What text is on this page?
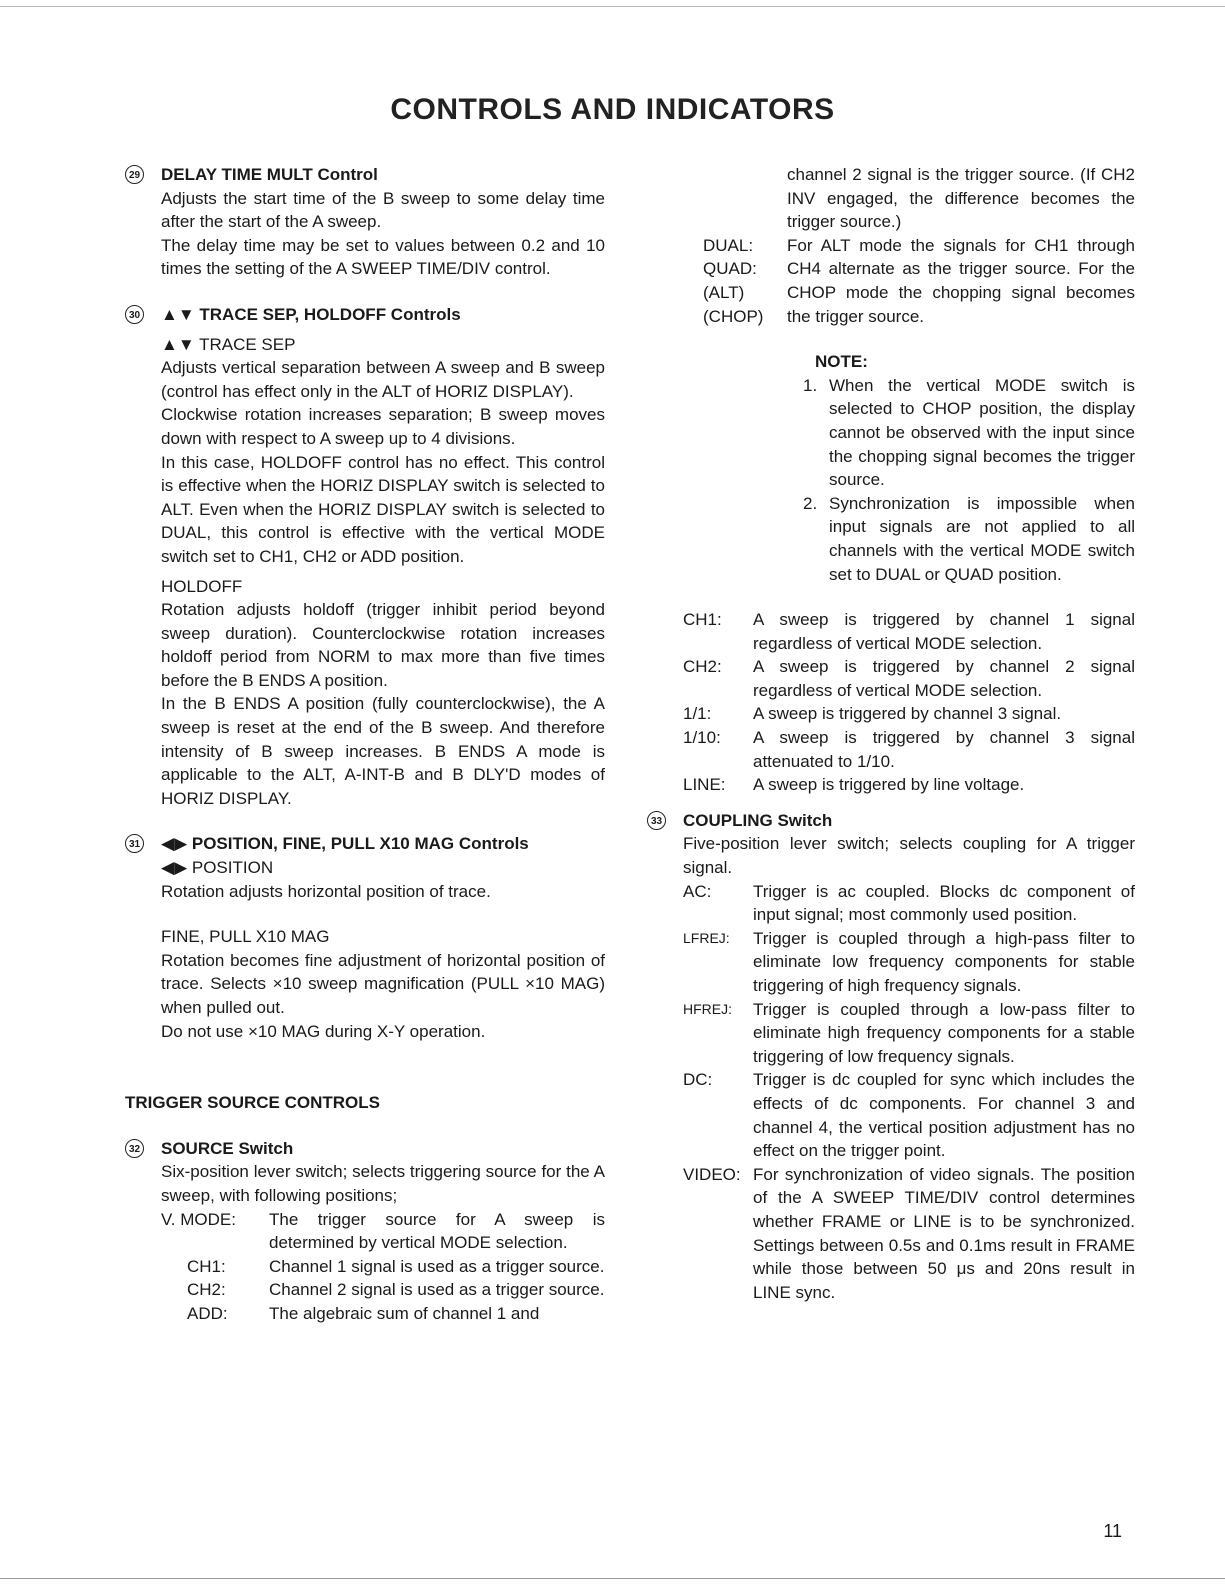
CONTROLS AND INDICATORS
29 DELAY TIME MULT Control

Adjusts the start time of the B sweep to some delay time after the start of the A sweep.

The delay time may be set to values between 0.2 and 10 times the setting of the A SWEEP TIME/DIV control.

30 ▲▼ TRACE SEP, HOLDOFF Controls
▲▼ TRACE SEP

Adjusts vertical separation between A sweep and B sweep (control has effect only in the ALT of HORIZ DISPLAY).

Clockwise rotation increases separation; B sweep moves down with respect to A sweep up to 4 divisions.

In this case, HOLDOFF control has no effect. This control is effective when the HORIZ DISPLAY switch is selected to ALT. Even when the HORIZ DISPLAY switch is selected to DUAL, this control is effective with the vertical MODE switch set to CH1, CH2 or ADD position.

HOLDOFF

Rotation adjusts holdoff (trigger inhibit period beyond sweep duration). Counterclockwise rotation increases holdoff period from NORM to max more than five times before the B ENDS A position.

In the B ENDS A position (fully counterclockwise), the A sweep is reset at the end of the B sweep. And therefore intensity of B sweep increases. B ENDS A mode is applicable to the ALT, A-INT-B and B DLY'D modes of HORIZ DISPLAY.

31 ◀▶ POSITION, FINE, PULL X10 MAG Controls
◀▶ POSITION

Rotation adjusts horizontal position of trace.

FINE, PULL X10 MAG

Rotation becomes fine adjustment of horizontal position of trace. Selects ×10 sweep magnification (PULL ×10 MAG) when pulled out.

Do not use ×10 MAG during X-Y operation.

TRIGGER SOURCE CONTROLS
32 SOURCE Switch

Six-position lever switch; selects triggering source for the A sweep, with following positions;

V. MODE:	The trigger source for A sweep is determined by vertical MODE selection.
CH1:	Channel 1 signal is used as a trigger source.
CH2:	Channel 2 signal is used as a trigger source.
ADD:	The algebraic sum of channel 1 and

channel 2 signal is the trigger source. (If CH2 INV engaged, the difference becomes the trigger source.)

DUAL:
QUAD:
(ALT)
(CHOP)
For ALT mode the signals for CH1 through CH4 alternate as the trigger source. For the CHOP mode the chopping signal becomes the trigger source.
NOTE:
1. When the vertical MODE switch is selected to CHOP position, the display cannot be observed with the input since the chopping signal becomes the trigger source.
2. Synchronization is impossible when input signals are not applied to all channels with the vertical MODE switch set to DUAL or QUAD position.
CH1:	A sweep is triggered by channel 1 signal regardless of vertical MODE selection.
CH2:	A sweep is triggered by channel 2 signal regardless of vertical MODE selection.
1/1:	A sweep is triggered by channel 3 signal.
1/10:	A sweep is triggered by channel 3 signal attenuated to 1/10.
LINE:	A sweep is triggered by line voltage.
33 COUPLING Switch

Five-position lever switch; selects coupling for A trigger signal.

AC:	Trigger is ac coupled. Blocks dc component of input signal; most commonly used position.
LFREJ:	Trigger is coupled through a high-pass filter to eliminate low frequency components for stable triggering of high frequency signals.
HFREJ:	Trigger is coupled through a low-pass filter to eliminate high frequency components for a stable triggering of low frequency signals.
DC:	Trigger is dc coupled for sync which includes the effects of dc components. For channel 3 and channel 4, the vertical position adjustment has no effect on the trigger point.
VIDEO: For synchronization of video signals. The position of the A SWEEP TIME/DIV control determines whether FRAME or LINE is to be synchronized. Settings between 0.5s and 0.1ms result in FRAME while those between 50 μs and 20ns result in LINE sync.
11
